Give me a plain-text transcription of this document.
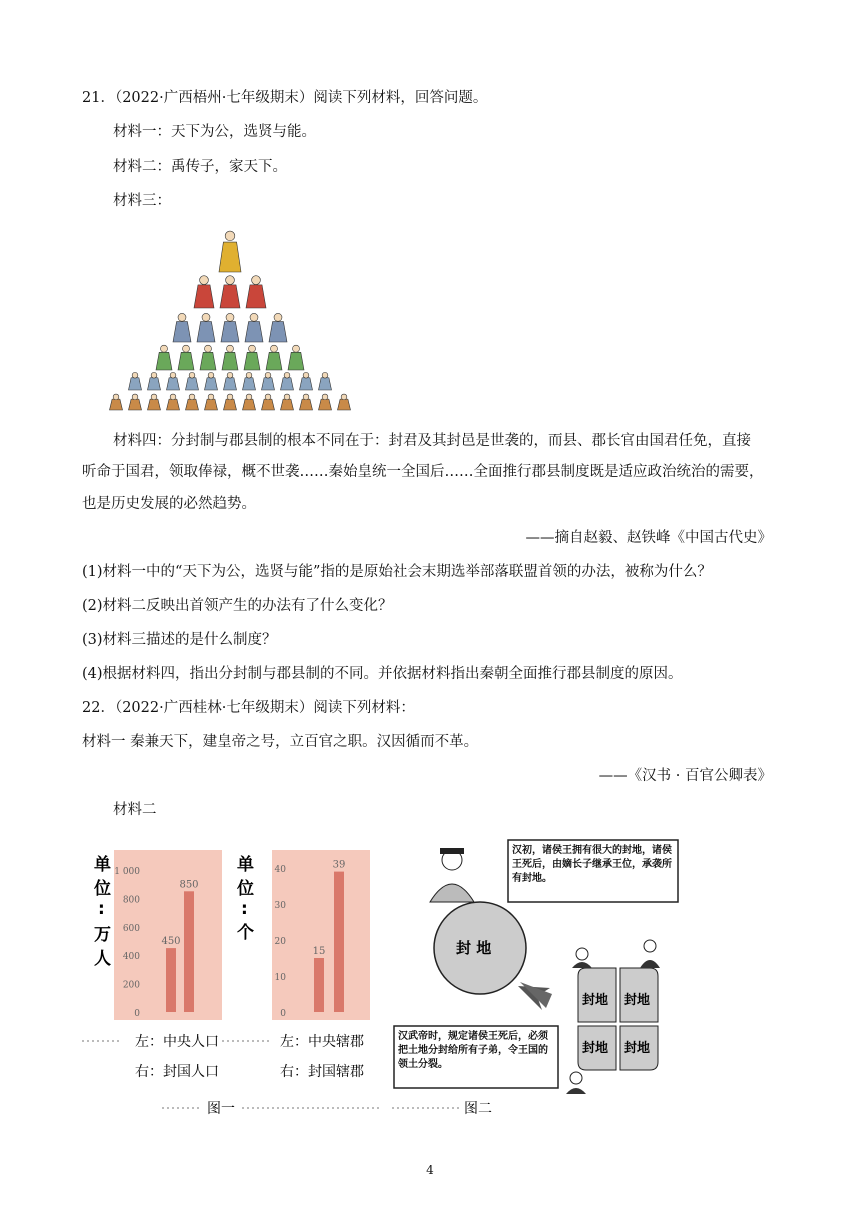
21．（2022·广西梧州·七年级期末）阅读下列材料，回答问题。
材料一：天下为公，选贤与能。
材料二：禹传子，家天下。
材料三：
材料四：分封制与郡县制的根本不同在于：封君及其封邑是世袭的，而县、郡长官由国君任免，直接
听命于国君，领取俸禄，概不世袭……秦始皇统一全国后……全面推行郡县制度既是适应政治统治的需要，
也是历史发展的必然趋势。
——摘自赵毅、赵铁峰《中国古代史》
(1)材料一中的“天下为公，选贤与能”指的是原始社会末期选举部落联盟首领的办法，被称为什么？
(2)材料二反映出首领产生的办法有了什么变化？
(3)材料三描述的是什么制度？
(4)根据材料四，指出分封制与郡县制的不同。并依据材料指出秦朝全面推行郡县制度的原因。
22．（2022·广西桂林·七年级期末）阅读下列材料：
材料一 秦兼天下，建皇帝之号，立百官之职。汉因循而不革。
——《汉书 · 百官公卿表》
材料二
1 000
800
600
400
200
0
450
850
单
位
:
万
人
40
30
20
10
0
15
39
单
位
:
个
左：中央人口
右：封国人口
左：中央辖郡
右：封国辖郡
图一	图二
汉初，诸侯王拥有很大的封地，诸侯王死后，由嫡长子继承王位，承袭所有封地。
封 地
封地 封地
封地 封地
汉武帝时，规定诸侯王死后，必须把土地分封给所有子弟，令王国的领土分裂。
4
